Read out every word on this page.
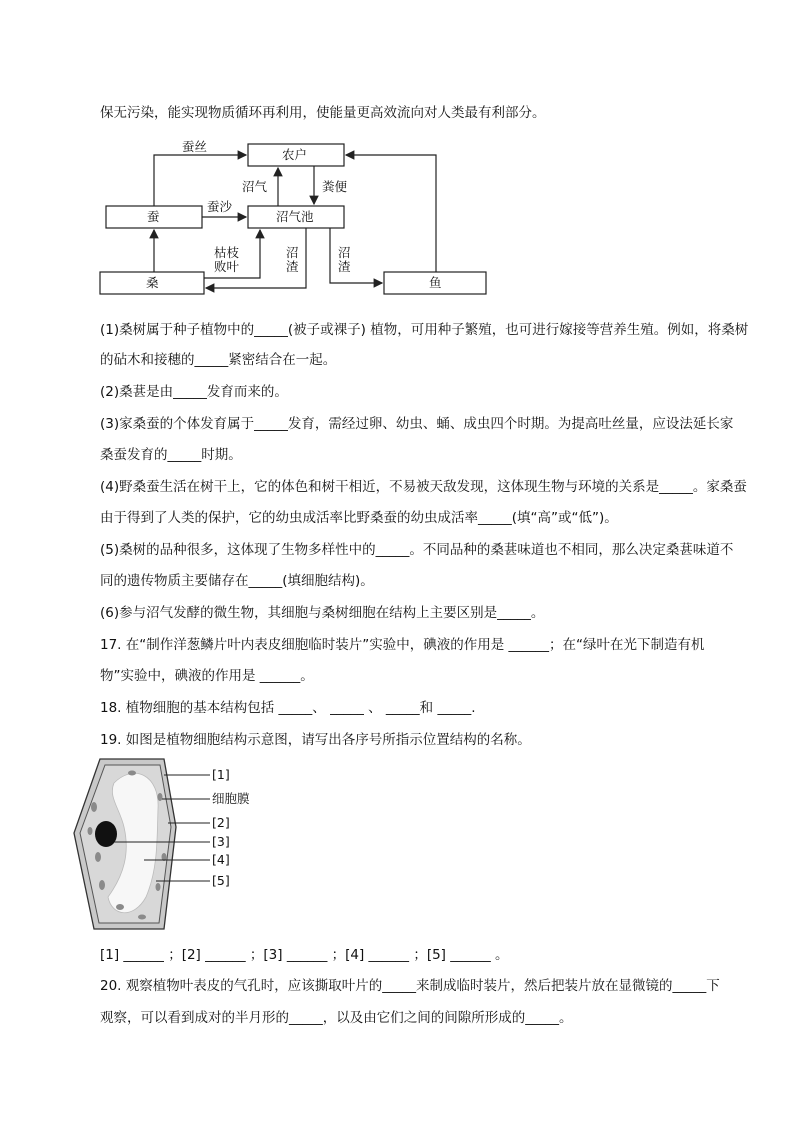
保无污染，能实现物质循环再利用，使能量更高效流向对人类最有利部分。
农户
蚕	沼气池
桑	鱼
蚕丝
沼气	粪便
蚕沙
枯枝
败叶
沼
渣
沼
渣
(1)桑树属于种子植物中的_____(被子或裸子) 植物，可用种子繁殖，也可进行嫁接等营养生殖。例如，将桑树
的砧木和接穗的_____紧密结合在一起。
(2)桑葚是由_____发育而来的。
(3)家桑蚕的个体发育属于_____发育，需经过卵、幼虫、蛹、成虫四个时期。为提高吐丝量，应设法延长家
桑蚕发育的_____时期。
(4)野桑蚕生活在树干上，它的体色和树干相近，不易被天敌发现，这体现生物与环境的关系是_____。家桑蚕
由于得到了人类的保护，它的幼虫成活率比野桑蚕的幼虫成活率_____(填“高”或“低”)。
(5)桑树的品种很多，这体现了生物多样性中的_____。不同品种的桑葚味道也不相同，那么决定桑葚味道不
同的遗传物质主要储存在_____(填细胞结构)。
(6)参与沼气发酵的微生物，其细胞与桑树细胞在结构上主要区别是_____。
17. 在“制作洋葱鳞片叶内表皮细胞临时装片”实验中，碘液的作用是 ______；在“绿叶在光下制造有机
物”实验中，碘液的作用是 ______。
18. 植物细胞的基本结构包括 _____、 _____ 、 _____和 _____.
19. 如图是植物细胞结构示意图，请写出各序号所指示位置结构的名称。
[1]
细胞膜
[2]
[3]
[4]
[5]
[1] ______ ；[2] ______ ；[3] ______ ；[4] ______ ；[5] ______ 。
20. 观察植物叶表皮的气孔时，应该撕取叶片的_____来制成临时装片，然后把装片放在显微镜的_____下
观察，可以看到成对的半月形的_____，以及由它们之间的间隙所形成的_____。
